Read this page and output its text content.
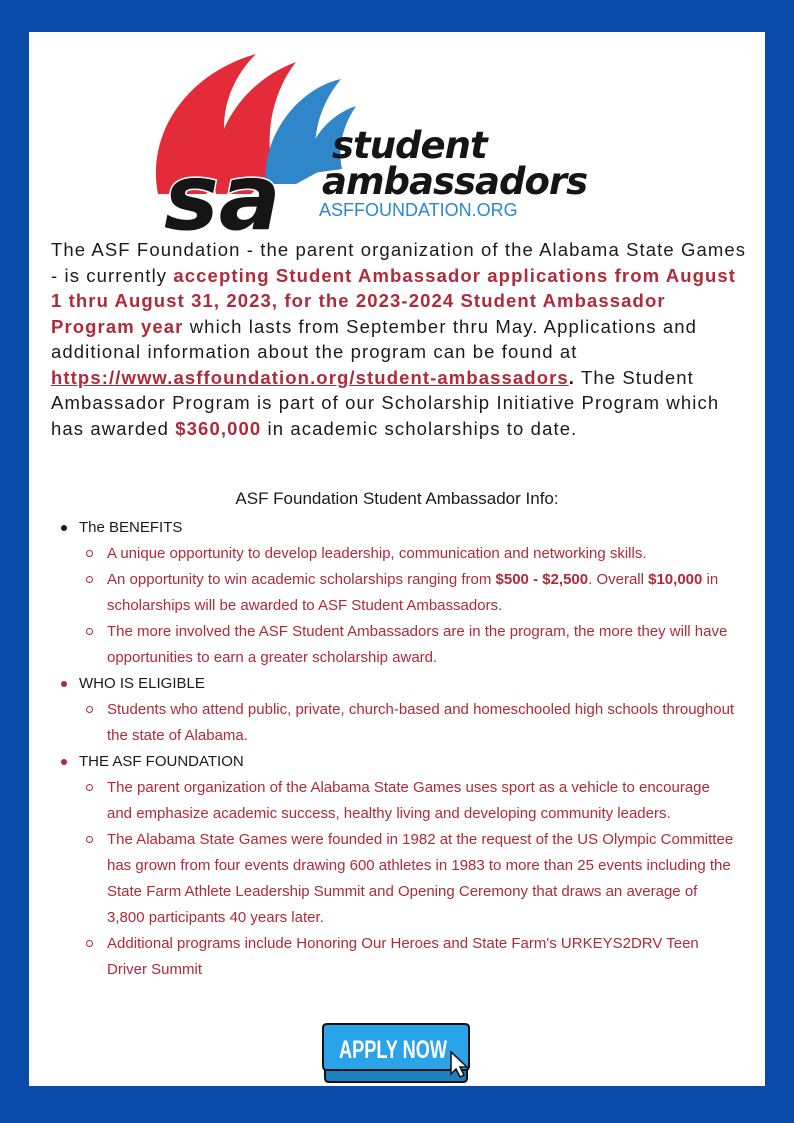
sa student
ambassadors
ASFFOUNDATION.ORG
The ASF Foundation - the parent organization of the Alabama State Games - is currently accepting Student Ambassador applications from August 1 thru August 31, 2023, for the 2023-2024 Student Ambassador Program year which lasts from September thru May. Applications and additional information about the program can be found at https://www.asffoundation.org/student-ambassadors. The Student Ambassador Program is part of our Scholarship Initiative Program which has awarded $360,000 in academic scholarships to date.
ASF Foundation Student Ambassador Info:
The BENEFITS
A unique opportunity to develop leadership, communication and networking skills.
An opportunity to win academic scholarships ranging from $500 - $2,500. Overall $10,000 in scholarships will be awarded to ASF Student Ambassadors.
The more involved the ASF Student Ambassadors are in the program, the more they will have opportunities to earn a greater scholarship award.
WHO IS ELIGIBLE
Students who attend public, private, church-based and homeschooled high schools throughout the state of Alabama.
THE ASF FOUNDATION
The parent organization of the Alabama State Games uses sport as a vehicle to encourage and emphasize academic success, healthy living and developing community leaders.
The Alabama State Games were founded in 1982 at the request of the US Olympic Committee has grown from four events drawing 600 athletes in 1983 to more than 25 events including the State Farm Athlete Leadership Summit and Opening Ceremony that draws an average of 3,800 participants 40 years later.
Additional programs include Honoring Our Heroes and State Farm's URKEYS2DRV Teen Driver Summit
APPLY NOW
